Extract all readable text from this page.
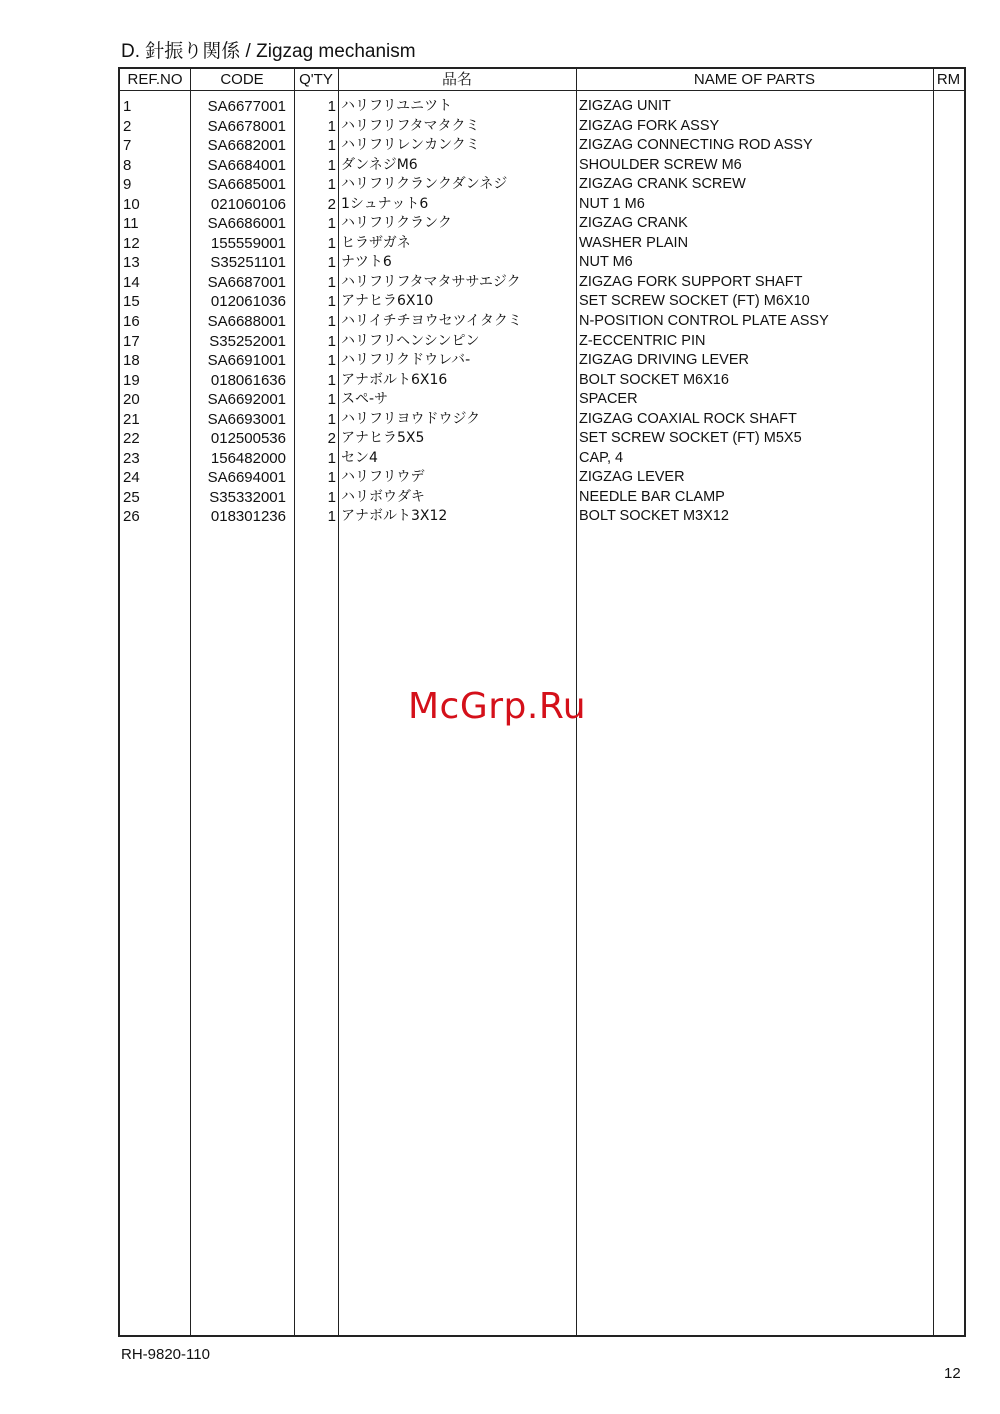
D. 針振り関係 / Zigzag mechanism
REF.NO	CODE	Q'TY	品名	NAME OF PARTS	RM
1	SA6677001	1 ハリフリユニツト	ZIGZAG UNIT
2	SA6678001	1 ハリフリフタマタクミ	ZIGZAG FORK ASSY
7	SA6682001	1 ハリフリレンカンクミ	ZIGZAG CONNECTING ROD ASSY
8	SA6684001	1 ダンネジM6	SHOULDER SCREW M6
9	SA6685001	1 ハリフリクランクダンネジ	ZIGZAG CRANK SCREW
10	021060106	2 1シュナット6	NUT 1 M6
11	SA6686001	1 ハリフリクランク	ZIGZAG CRANK
12	155559001	1 ヒラザガネ	WASHER PLAIN
13	S35251101	1 ナツト6	NUT M6
14	SA6687001	1 ハリフリフタマタササエジク	ZIGZAG FORK SUPPORT SHAFT
15	012061036	1 アナヒラ6X10	SET SCREW SOCKET (FT) M6X10
16	SA6688001	1 ハリイチチヨウセツイタクミ	N-POSITION CONTROL PLATE ASSY
17	S35252001	1 ハリフリヘンシンピン	Z-ECCENTRIC PIN
18	SA6691001	1 ハリフリクドウレバ-	ZIGZAG DRIVING LEVER
19	018061636	1 アナボルト6X16	BOLT SOCKET M6X16
20	SA6692001	1 スペ-サ	SPACER
21	SA6693001	1 ハリフリヨウドウジク	ZIGZAG COAXIAL ROCK SHAFT
22	012500536	2 アナヒラ5X5	SET SCREW SOCKET (FT) M5X5
23	156482000	1 セン4	CAP, 4
24	SA6694001	1 ハリフリウデ	ZIGZAG LEVER
25	S35332001	1 ハリボウダキ	NEEDLE BAR CLAMP
26	018301236	1 アナボルト3X12	BOLT SOCKET M3X12
McGrp.Ru
RH-9820-110
12
